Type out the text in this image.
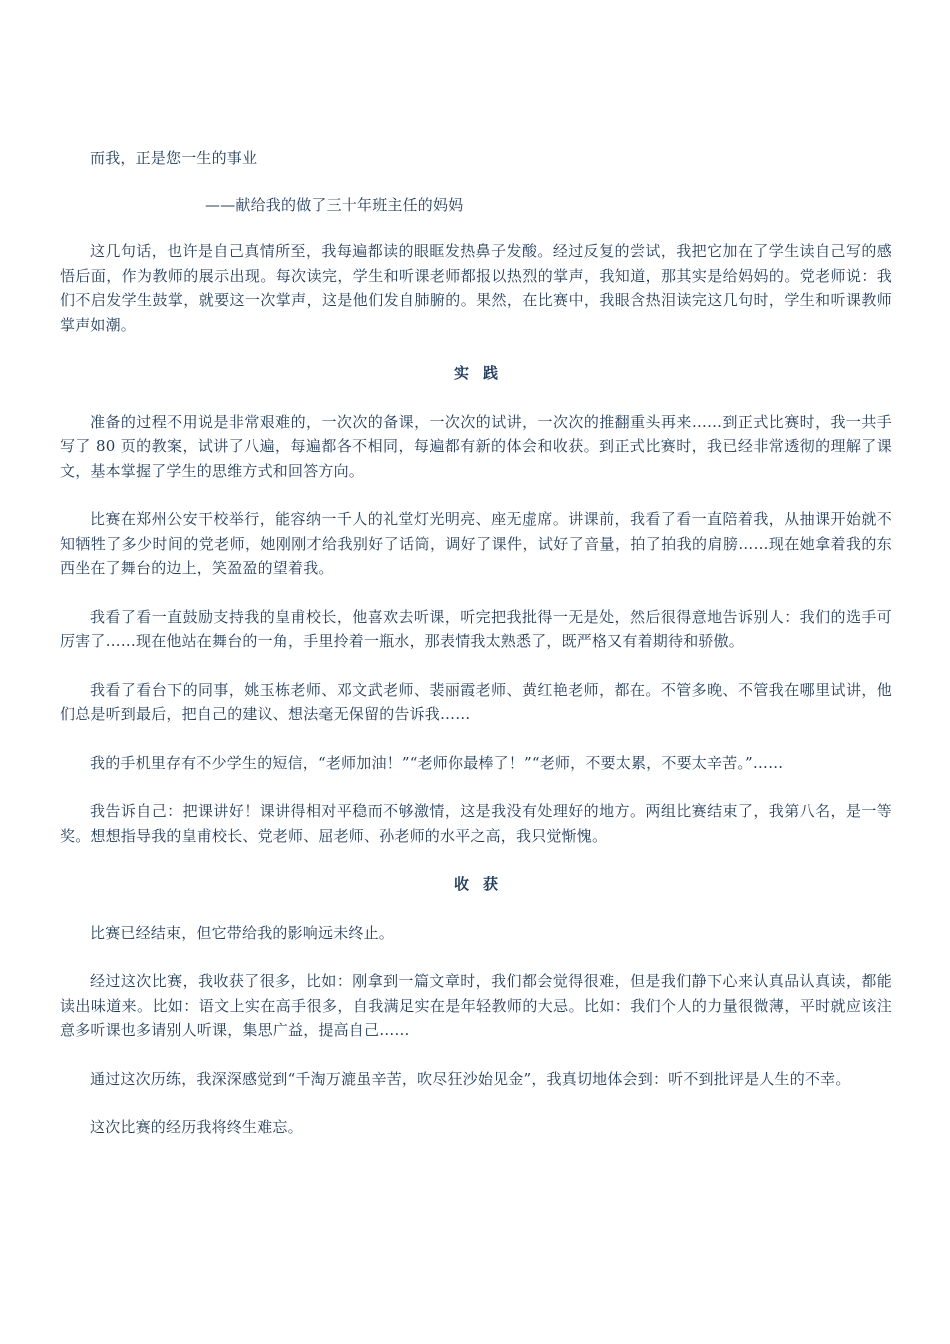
而我，正是您一生的事业

——献给我的做了三十年班主任的妈妈

这几句话，也许是自己真情所至，我每遍都读的眼眶发热鼻子发酸。经过反复的尝试，我把它加在了学生读自己写的感悟后面，作为教师的展示出现。每次读完，学生和听课老师都报以热烈的掌声，我知道，那其实是给妈妈的。党老师说：我们不启发学生鼓掌，就要这一次掌声，这是他们发自肺腑的。果然，在比赛中，我眼含热泪读完这几句时，学生和听课教师掌声如潮。

实践

准备的过程不用说是非常艰难的，一次次的备课，一次次的试讲，一次次的推翻重头再来……到正式比赛时，我一共手写了 80 页的教案，试讲了八遍，每遍都各不相同，每遍都有新的体会和收获。到正式比赛时，我已经非常透彻的理解了课文，基本掌握了学生的思维方式和回答方向。

比赛在郑州公安干校举行，能容纳一千人的礼堂灯光明亮、座无虚席。讲课前，我看了看一直陪着我，从抽课开始就不知牺牲了多少时间的党老师，她刚刚才给我别好了话筒，调好了课件，试好了音量，拍了拍我的肩膀……现在她拿着我的东西坐在了舞台的边上，笑盈盈的望着我。

我看了看一直鼓励支持我的皇甫校长，他喜欢去听课，听完把我批得一无是处，然后很得意地告诉别人：我们的选手可厉害了……现在他站在舞台的一角，手里拎着一瓶水，那表情我太熟悉了，既严格又有着期待和骄傲。

我看了看台下的同事，姚玉栋老师、邓文武老师、裴丽霞老师、黄红艳老师，都在。不管多晚、不管我在哪里试讲，他们总是听到最后，把自己的建议、想法毫无保留的告诉我……

我的手机里存有不少学生的短信，“老师加油！”“老师你最棒了！”“老师，不要太累，不要太辛苦。”……

我告诉自己：把课讲好！课讲得相对平稳而不够激情，这是我没有处理好的地方。两组比赛结束了，我第八名，是一等奖。想想指导我的皇甫校长、党老师、屈老师、孙老师的水平之高，我只觉惭愧。

收获

比赛已经结束，但它带给我的影响远未终止。

经过这次比赛，我收获了很多，比如：刚拿到一篇文章时，我们都会觉得很难，但是我们静下心来认真品认真读，都能读出味道来。比如：语文上实在高手很多，自我满足实在是年轻教师的大忌。比如：我们个人的力量很微薄，平时就应该注意多听课也多请别人听课，集思广益，提高自己……

通过这次历练，我深深感觉到“千淘万漉虽辛苦，吹尽狂沙始见金”，我真切地体会到：听不到批评是人生的不幸。

这次比赛的经历我将终生难忘。
